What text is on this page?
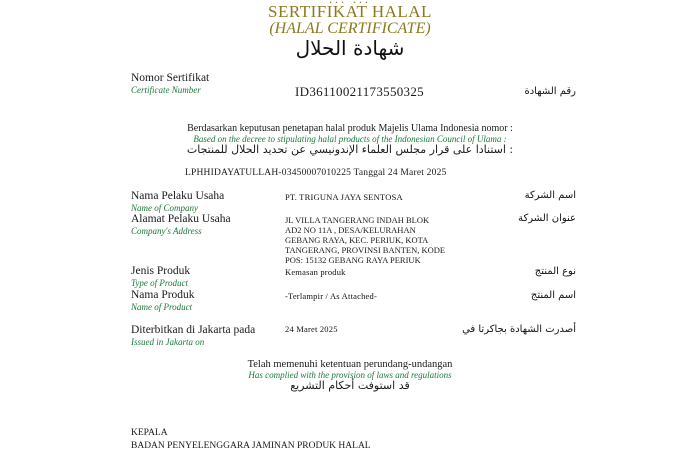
SERTIFIKAT HALAL
(HALAL CERTIFICATE)
شهادة الحلال
Nomor Sertifikat
Certificate Number	ID36110021173550325	رقم الشهادة
Berdasarkan keputusan penetapan halal produk Majelis Ulama Indonesia nomor :
Based on the decree to stipulating halal products of the Indonesian Council of Ulama :
استنادا على قرار مجلس العلماء الإندونيسي عن تحديد الحلال للمنتجات :
LPHHIDAYATULLAH-03450007010225 Tanggal 24 Maret 2025
Nama Pelaku Usaha
Name of Company
PT. TRIGUNA JAYA SENTOSA	اسم الشركة
Alamat Pelaku Usaha
Company's Address
JL VILLA TANGERANG INDAH BLOK
AD2 NO 11A , DESA/KELURAHAN
GEBANG RAYA, KEC. PERIUK, KOTA
TANGERANG, PROVINSI BANTEN, KODE
POS: 15132 GEBANG RAYA PERIUK
عنوان الشركة
Jenis Produk
Type of Product
Kemasan produk	نوع المنتج
Nama Produk
Name of Product
-Terlampir / As Attached-	اسم المنتج
Diterbitkan di Jakarta pada
Issued in Jakarta on
24 Maret 2025	أصدرت الشهادة بجاكرتا في
Telah memenuhi ketentuan perundang-undangan
Has complied with the provision of laws and regulations
قد استوفت أحكام التشريع
KEPALA
BADAN PENYELENGGARA JAMINAN PRODUK HALAL
